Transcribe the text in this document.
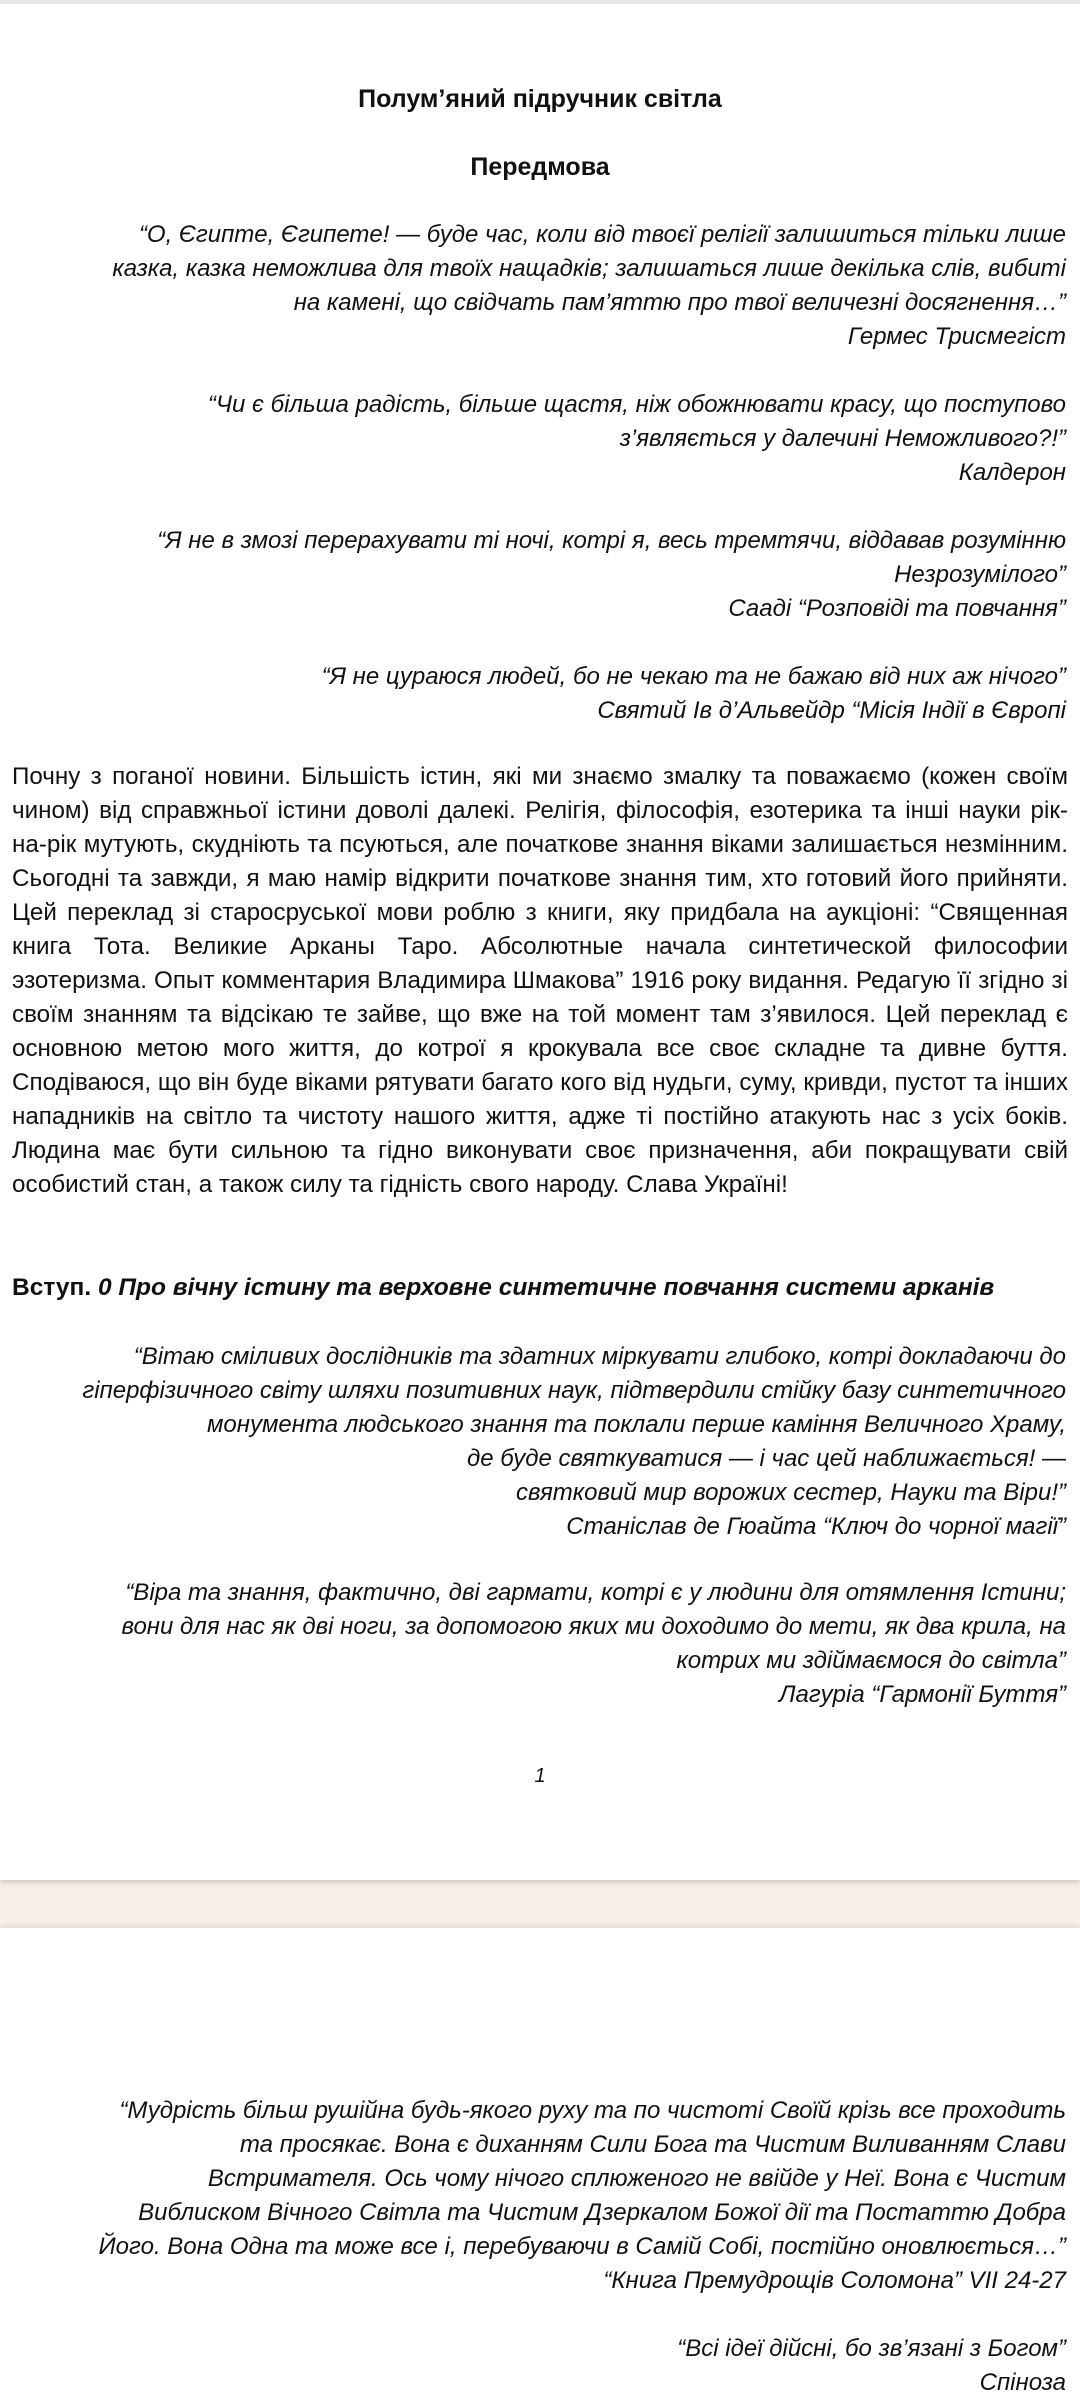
Полум’яний підручник світла
Передмова
“О, Єгипте, Єгипете! — буде час, коли від твоєї релігії залишиться тільки лише
казка, казка неможлива для твоїх нащадків; залишаться лише декілька слів, вибиті
на камені, що свідчать пам’яттю про твої величезні досягнення…”
Гермес Трисмегіст
“Чи є більша радість, більше щастя, ніж обожнювати красу, що поступово
з’являється у далечині Неможливого?!”
Калдерон
“Я не в змозі перерахувати ті ночі, котрі я, весь тремтячи, віддавав розумінню
Незрозумілого”
Сааді “Розповіді та повчання”
“Я не цураюся людей, бо не чекаю та не бажаю від них аж нічого”
Святий Ів д’Альвейдр “Місія Індії в Європі

Почну з поганої новини. Більшість істин, які ми знаємо змалку та поважаємо (кожен своїм чином) від справжньої істини доволі далекі. Релігія, філософія, езотерика та інші науки рік-на-рік мутують, скудніють та псуються, але початкове знання віками залишається незмінним. Сьогодні та завжди, я маю намір відкрити початкове знання тим, хто готовий його прийняти. Цей переклад зі старосруської мови роблю з книги, яку придбала на аукціоні: “Священная книга Тота. Великие Арканы Таро. Абсолютные начала синтетической философии эзотеризма. Опыт комментария Владимира Шмакова” 1916 року видання. Редагую її згідно зі своїм знанням та відсікаю те зайве, що вже на той момент там з’явилося. Цей переклад є основною метою мого життя, до котрої я крокувала все своє складне та дивне буття. Сподіваюся, що він буде віками рятувати багато кого від нудьги, суму, кривди, пустот та інших нападників на світло та чистоту нашого життя, адже ті постійно атакують нас з усіх боків. Людина має бути сильною та гідно виконувати своє призначення, аби покращувати свій особистий стан, а також силу та гідність свого народу. Слава Україні!

Вступ. 0 Про вічну істину та верховне синтетичне повчання системи арканів
“Вітаю сміливих дослідників та здатних міркувати глибоко, котрі докладаючи до
гіперфізичного світу шляхи позитивних наук, підтвердили стійку базу синтетичного
монумента людського знання та поклали перше каміння Величного Храму,
де буде святкуватися — і час цей наближається! —
святковий мир ворожих сестер, Науки та Віри!”
Станіслав де Гюайта “Ключ до чорної магії”
“Віра та знання, фактично, дві гармати, котрі є у людини для отямлення Істини;
вони для нас як дві ноги, за допомогою яких ми доходимо до мети, як два крила, на
котрих ми здіймаємося до світла”
Лагуріа “Гармонії Буття”
1
“Мудрість більш рушійна будь-якого руху та по чистоті Своїй крізь все проходить
та просякає. Вона є диханням Сили Бога та Чистим Виливанням Слави
Встримателя. Ось чому нічого сплюженого не ввійде у Неї. Вона є Чистим
Виблиском Вічного Світла та Чистим Дзеркалом Божої дії та Постаттю Добра
Його. Вона Одна та може все і, перебуваючи в Самій Собі, постійно оновлюється…”
“Книга Премудрощів Соломона” VII 24-27
“Всі ідеї дійсні, бо зв’язані з Богом”
Спіноза
